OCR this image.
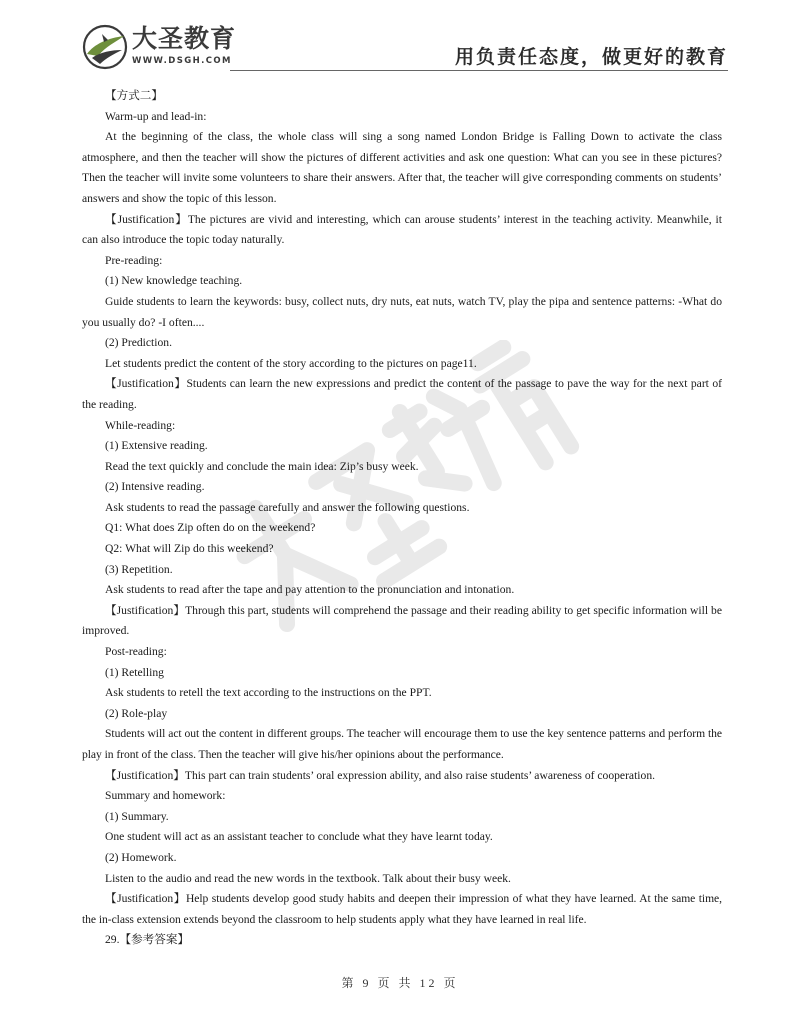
大圣教育
WWW.DSGH.COM	用负责任态度，做更好的教育

【方式二】

Warm-up and lead-in:

At the beginning of the class, the whole class will sing a song named London Bridge is Falling Down to activate the class atmosphere, and then the teacher will show the pictures of different activities and ask one question: What can you see in these pictures? Then the teacher will invite some volunteers to share their answers. After that, the teacher will give corresponding comments on students’ answers and show the topic of this lesson.

【Justification】The pictures are vivid and interesting, which can arouse students’ interest in the teaching activity. Meanwhile, it can also introduce the topic today naturally.

Pre-reading:

(1) New knowledge teaching.

Guide students to learn the keywords: busy, collect nuts, dry nuts, eat nuts, watch TV, play the pipa and sentence patterns: -What do you usually do? -I often....

(2) Prediction.

Let students predict the content of the story according to the pictures on page11.

【Justification】Students can learn the new expressions and predict the content of the passage to pave the way for the next part of the reading.

While-reading:

(1) Extensive reading.

Read the text quickly and conclude the main idea: Zip’s busy week.

(2) Intensive reading.

Ask students to read the passage carefully and answer the following questions.

Q1: What does Zip often do on the weekend?

Q2: What will Zip do this weekend?

(3) Repetition.

Ask students to read after the tape and pay attention to the pronunciation and intonation.

【Justification】Through this part, students will comprehend the passage and their reading ability to get specific information will be improved.

Post-reading:

(1) Retelling

Ask students to retell the text according to the instructions on the PPT.

(2) Role-play

Students will act out the content in different groups. The teacher will encourage them to use the key sentence patterns and perform the play in front of the class. Then the teacher will give his/her opinions about the performance.

【Justification】This part can train students’ oral expression ability, and also raise students’ awareness of cooperation.

Summary and homework:

(1) Summary.

One student will act as an assistant teacher to conclude what they have learnt today.

(2) Homework.

Listen to the audio and read the new words in the textbook. Talk about their busy week.

【Justification】Help students develop good study habits and deepen their impression of what they have learned. At the same time, the in-class extension extends beyond the classroom to help students apply what they have learned in real life.

29.【参考答案】

第 9 页 共 12 页
